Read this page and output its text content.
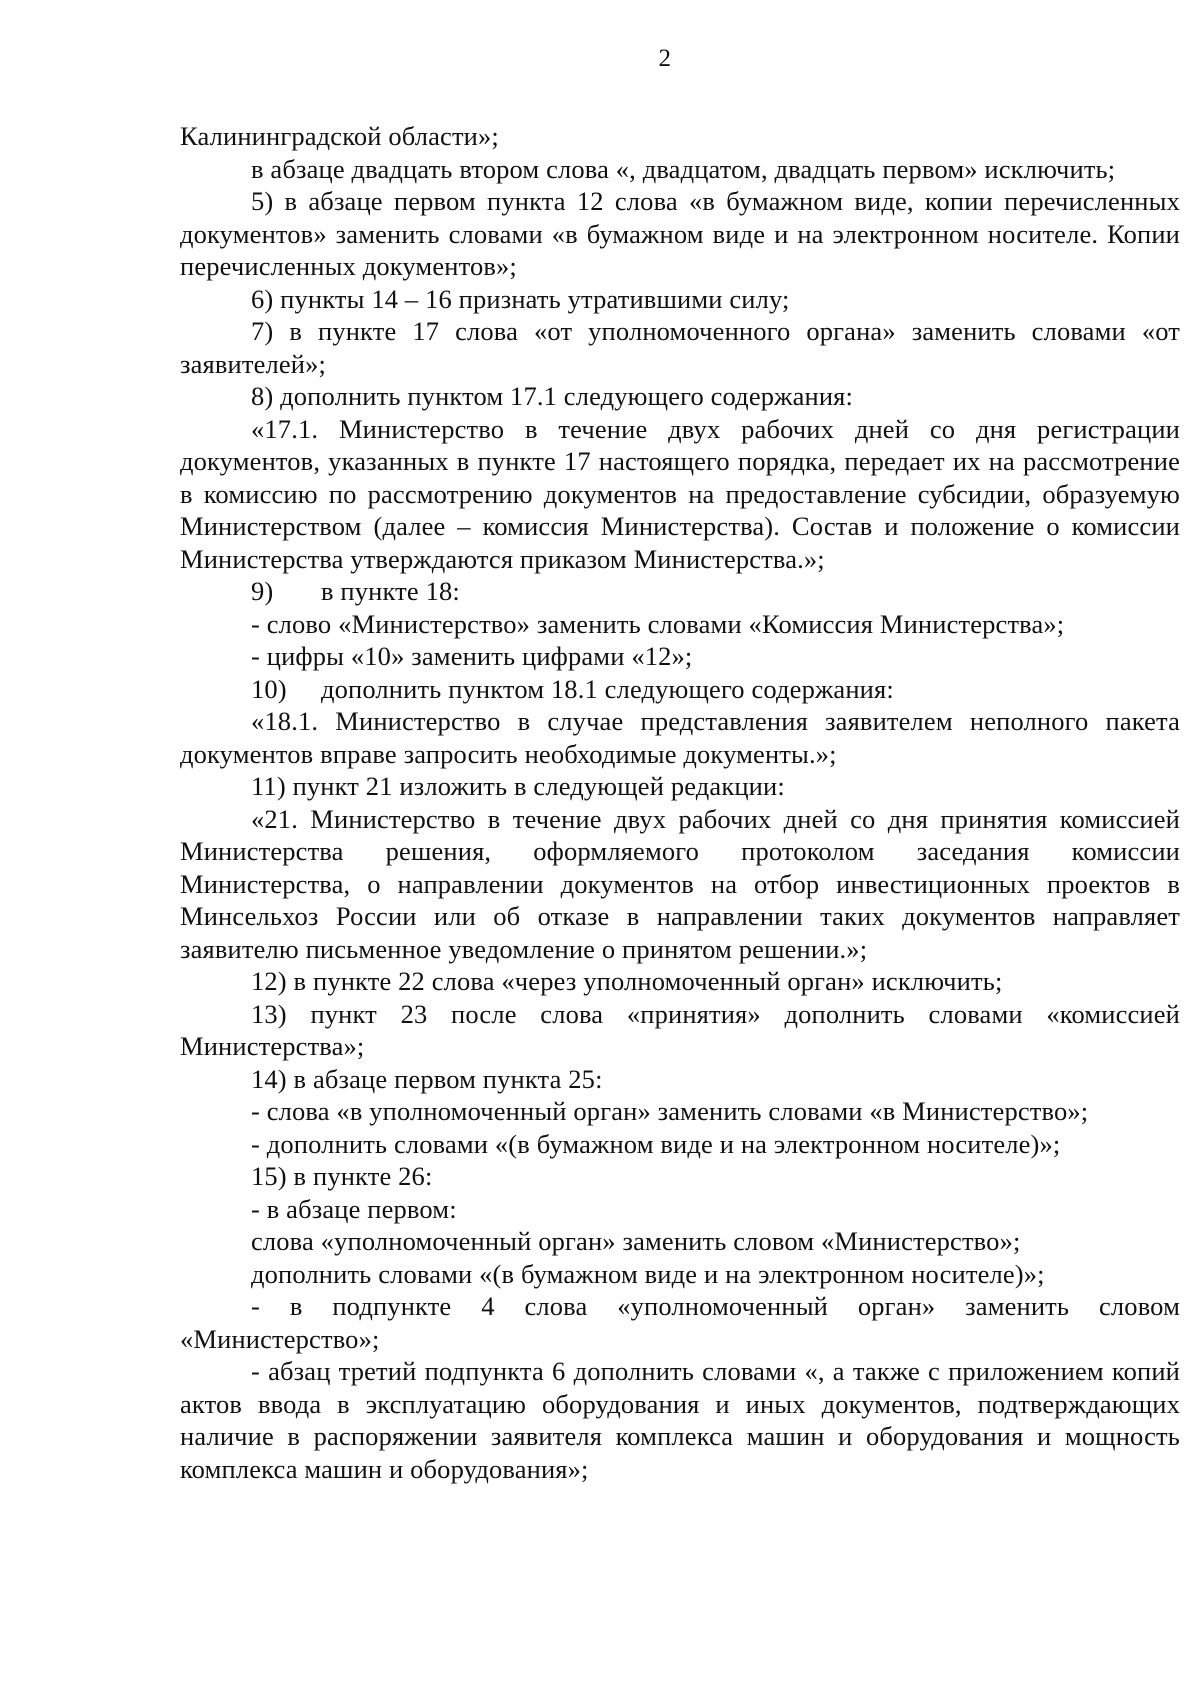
2

Калининградской области»;

в абзаце двадцать втором слова «, двадцатом, двадцать первом» исключить;

5) в абзаце первом пункта 12 слова «в бумажном виде, копии перечисленных документов» заменить словами «в бумажном виде и на электронном носителе. Копии перечисленных документов»;

6) пункты 14 – 16 признать утратившими силу;

7) в пункте 17 слова «от уполномоченного органа» заменить словами «от заявителей»;

8) дополнить пунктом 17.1 следующего содержания:

«17.1. Министерство в течение двух рабочих дней со дня регистрации документов, указанных в пункте 17 настоящего порядка, передает их на рассмотрение в комиссию по рассмотрению документов на предоставление субсидии, образуемую Министерством (далее – комиссия Министерства). Состав и положение о комиссии Министерства утверждаются приказом Министерства.»;

9) в пункте 18:

- слово «Министерство» заменить словами «Комиссия Министерства»;

- цифры «10» заменить цифрами «12»;

10) дополнить пунктом 18.1 следующего содержания:

«18.1. Министерство в случае представления заявителем неполного пакета документов вправе запросить необходимые документы.»;

11) пункт 21 изложить в следующей редакции:

«21. Министерство в течение двух рабочих дней со дня принятия комиссией Министерства решения, оформляемого протоколом заседания комиссии Министерства, о направлении документов на отбор инвестиционных проектов в Минсельхоз России или об отказе в направлении таких документов направляет заявителю письменное уведомление о принятом решении.»;

12) в пункте 22 слова «через уполномоченный орган» исключить;

13) пункт 23 после слова «принятия» дополнить словами «комиссией Министерства»;

14) в абзаце первом пункта 25:

- слова «в уполномоченный орган» заменить словами «в Министерство»;

- дополнить словами «(в бумажном виде и на электронном носителе)»;

15) в пункте 26:

- в абзаце первом:

слова «уполномоченный орган» заменить словом «Министерство»;

дополнить словами «(в бумажном виде и на электронном носителе)»;

- в подпункте 4 слова «уполномоченный орган» заменить словом «Министерство»;

- абзац третий подпункта 6 дополнить словами «, а также с приложением копий актов ввода в эксплуатацию оборудования и иных документов, подтверждающих наличие в распоряжении заявителя комплекса машин и оборудования и мощность комплекса машин и оборудования»;
